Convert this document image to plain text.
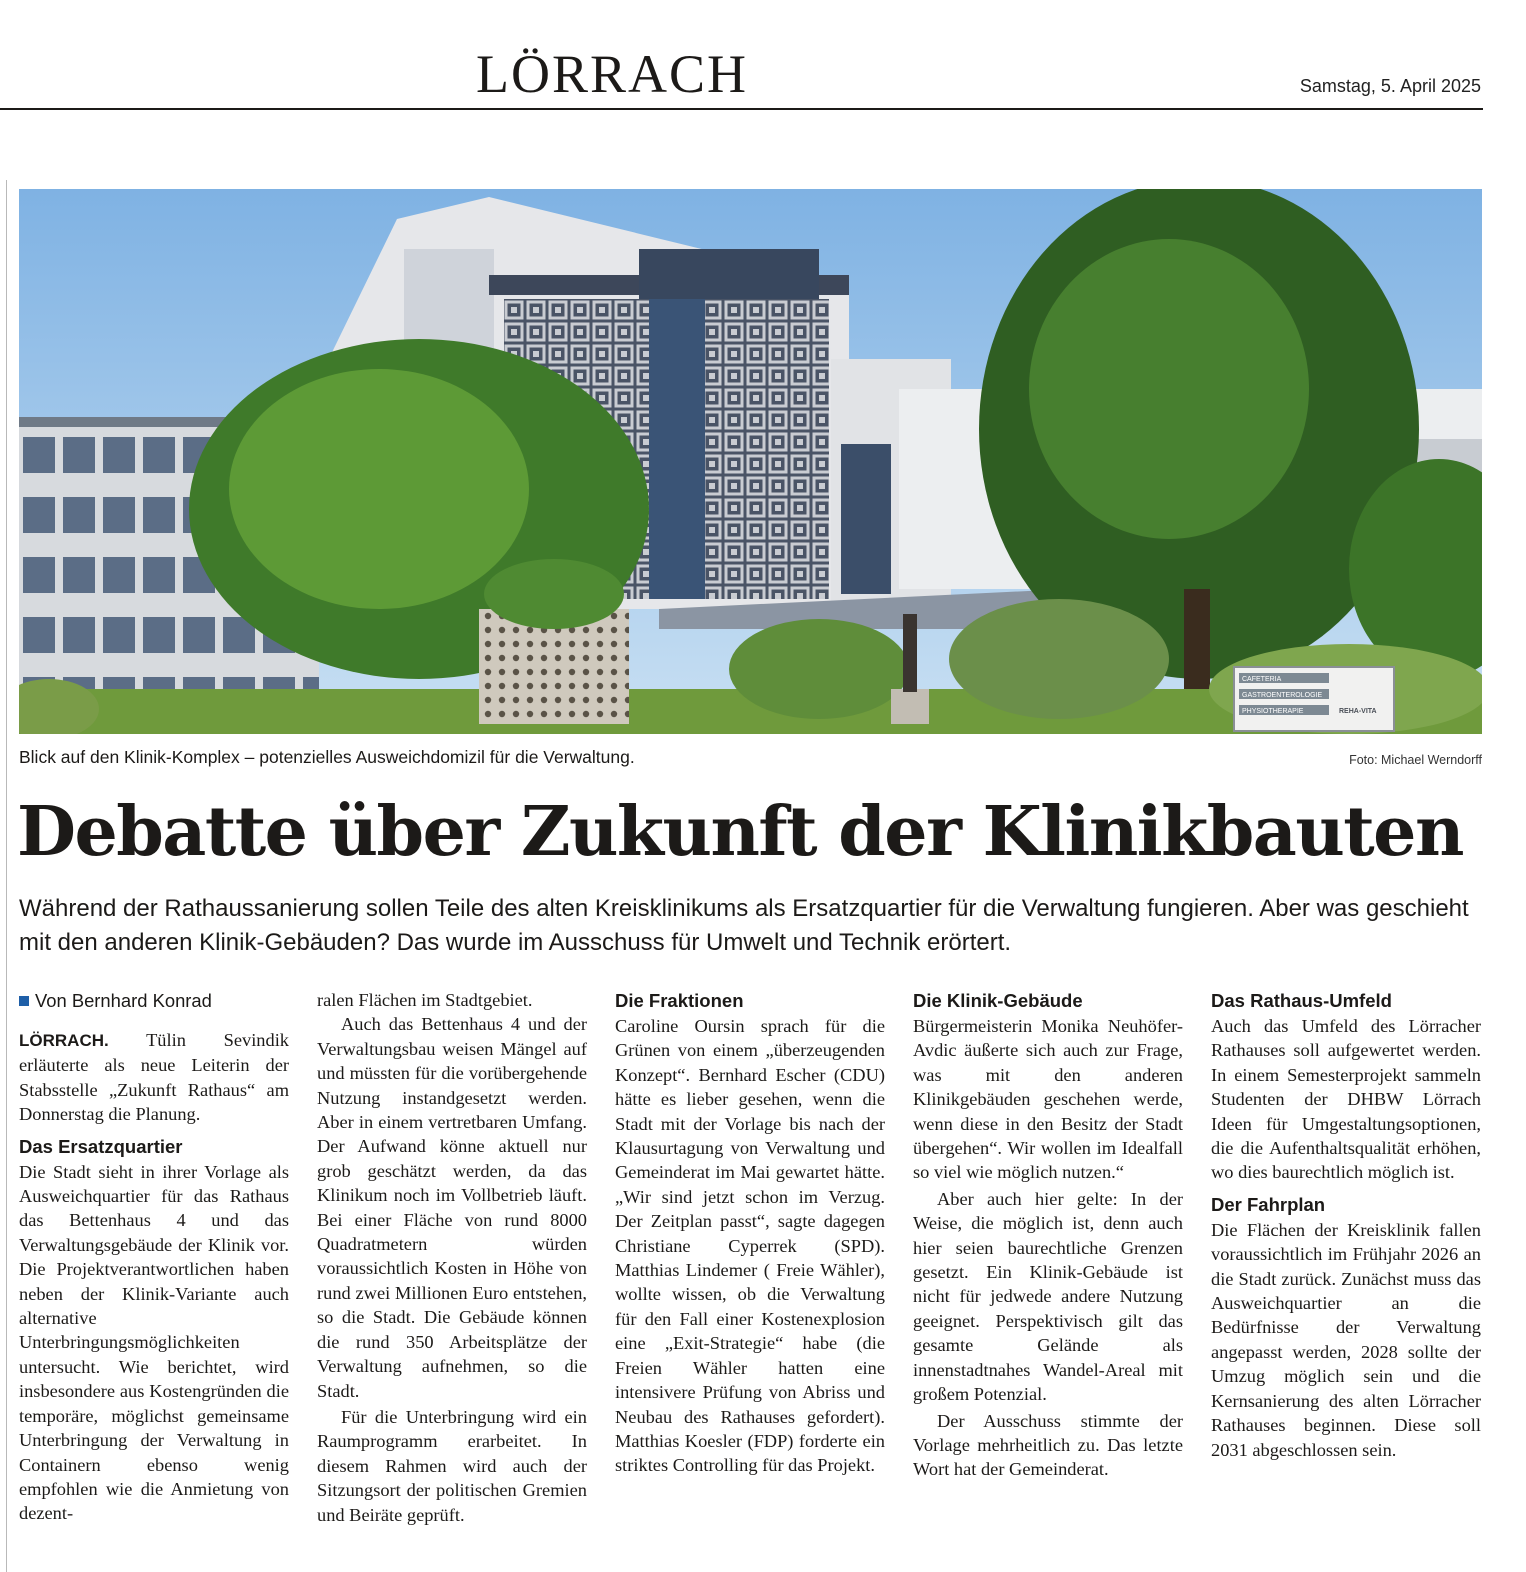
LÖRRACH	Samstag, 5. April 2025
CAFETERIA
GASTROENTEROLOGIE
PHYSIOTHERAPIE	REHA-VITA
Blick auf den Klinik-Komplex – potenzielles Ausweichdomizil für die Verwaltung.	Foto: Michael Werndorff
Debatte über Zukunft der Klinikbauten

Während der Rathaussanierung sollen Teile des alten Kreisklinikums als Ersatzquartier für die Verwaltung fungieren. Aber was geschieht mit den anderen Klinik-Gebäuden? Das wurde im Ausschuss für Umwelt und Technik erörtert.

Von Bernhard Konrad

LÖRRACH. Tülin Sevindik erläuterte als neue Leiterin der Stabsstelle „Zukunft Rathaus“ am Donnerstag die Planung.

Das Ersatzquartier

Die Stadt sieht in ihrer Vorlage als Ausweichquartier für das Rathaus das Bettenhaus 4 und das Verwaltungsgebäude der Klinik vor. Die Projektverantwortlichen haben neben der Klinik-Variante auch alternative Unterbringungsmöglichkeiten untersucht. Wie berichtet, wird insbesondere aus Kostengründen die temporäre, möglichst gemeinsame Unterbringung der Verwaltung in Containern ebenso wenig empfohlen wie die Anmietung von dezent-

ralen Flächen im Stadtgebiet.

Auch das Bettenhaus 4 und der Verwaltungsbau weisen Mängel auf und müssten für die vorübergehende Nutzung instandgesetzt werden. Aber in einem vertretbaren Umfang. Der Aufwand könne aktuell nur grob geschätzt werden, da das Klinikum noch im Vollbetrieb läuft. Bei einer Fläche von rund 8000 Quadratmetern würden voraussichtlich Kosten in Höhe von rund zwei Millionen Euro entstehen, so die Stadt. Die Gebäude können die rund 350 Arbeitsplätze der Verwaltung aufnehmen, so die Stadt.

Für die Unterbringung wird ein Raumprogramm erarbeitet. In diesem Rahmen wird auch der Sitzungsort der politischen Gremien und Beiräte geprüft.

Die Fraktionen

Caroline Oursin sprach für die Grünen von einem „überzeugenden Konzept“. Bernhard Escher (CDU) hätte es lieber gesehen, wenn die Stadt mit der Vorlage bis nach der Klausurtagung von Verwaltung und Gemeinderat im Mai gewartet hätte. „Wir sind jetzt schon im Verzug. Der Zeitplan passt“, sagte dagegen Christiane Cyperrek (SPD). Matthias Lindemer ( Freie Wähler), wollte wissen, ob die Verwaltung für den Fall einer Kostenexplosion eine „Exit-Strategie“ habe (die Freien Wähler hatten eine intensivere Prüfung von Abriss und Neubau des Rathauses gefordert). Matthias Koesler (FDP) forderte ein striktes Controlling für das Projekt.

Die Klinik-Gebäude

Bürgermeisterin Monika Neuhöfer-Avdic äußerte sich auch zur Frage, was mit den anderen Klinikgebäuden geschehen werde, wenn diese in den Besitz der Stadt übergehen“. Wir wollen im Idealfall so viel wie möglich nutzen.“

Aber auch hier gelte: In der Weise, die möglich ist, denn auch hier seien baurechtliche Grenzen gesetzt. Ein Klinik-Gebäude ist nicht für jedwede andere Nutzung geeignet. Perspektivisch gilt das gesamte Gelände als innenstadtnahes Wandel-Areal mit großem Potenzial.

Der Ausschuss stimmte der Vorlage mehrheitlich zu. Das letzte Wort hat der Gemeinderat.

Das Rathaus-Umfeld

Auch das Umfeld des Lörracher Rathauses soll aufgewertet werden. In einem Semesterprojekt sammeln Studenten der DHBW Lörrach Ideen für Umgestaltungsoptionen, die die Aufenthaltsqualität erhöhen, wo dies baurechtlich möglich ist.

Der Fahrplan

Die Flächen der Kreisklinik fallen voraussichtlich im Frühjahr 2026 an die Stadt zurück. Zunächst muss das Ausweichquartier an die Bedürfnisse der Verwaltung angepasst werden, 2028 sollte der Umzug möglich sein und die Kernsanierung des alten Lörracher Rathauses beginnen. Diese soll 2031 abgeschlossen sein.
